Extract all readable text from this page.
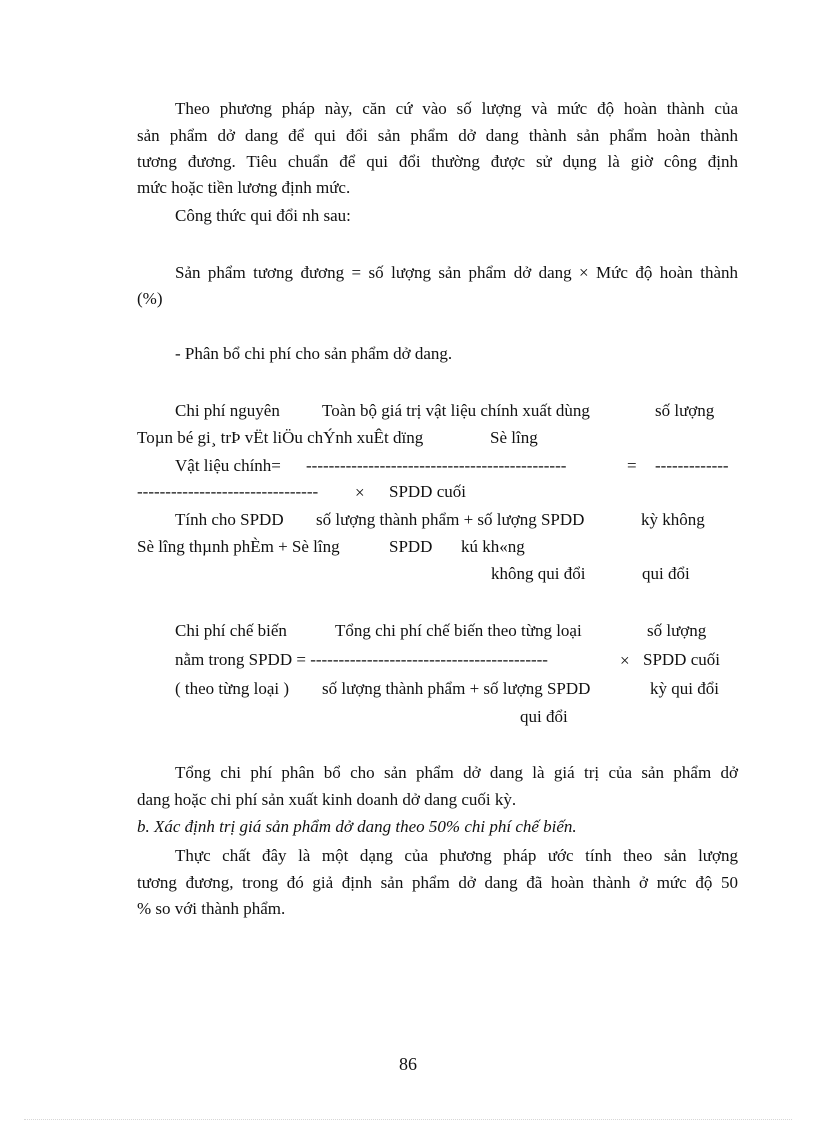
Theo phương pháp này, căn cứ vào số lượng và mức độ hoàn thành của
sản phẩm dở dang để qui đổi sản phẩm dở dang thành sản phẩm hoàn thành
tương đương. Tiêu chuẩn để qui đổi thường được sử dụng là giờ công định
mức hoặc tiền lương định mức.
Công thức qui đổi nh sau:
Sản phẩm tương đương = số lượng sản phẩm dở dang × Mức độ hoàn thành
(%)
- Phân bổ chi phí cho sản phẩm dở dang.
Chi phí nguyên Toàn bộ giá trị vật liệu chính xuất dùng	số lượng
Toµn bé gi¸ trÞ vËt liÖu chÝnh xuÊt dïng	Sè lîng
Vật liệu chính= ----------------------------------------------	= -------------
-------------------------------- × SPDD cuối
Tính cho SPDD số lượng thành phẩm + số lượng SPDD	kỳ không
Sè lîng thµnh phÈm + Sè lîng	SPDD kú kh«ng
không qui đổi	qui đổi
Chi phí chế biến	Tổng chi phí chế biến theo từng loại	số lượng
nằm trong SPDD = ------------------------------------------	× SPDD cuối
( theo từng loại ) số lượng thành phẩm + số lượng SPDD	kỳ qui đổi
qui đổi
Tổng chi phí phân bổ cho sản phẩm dở dang là giá trị của sản phẩm dở
dang hoặc chi phí sản xuất kinh doanh dở dang cuối kỳ.
b. Xác định trị giá sản phẩm dở dang theo 50% chi phí chế biến.
Thực chất đây là một dạng của phương pháp ước tính theo sản lượng
tương đương, trong đó giả định sản phẩm dở dang đã hoàn thành ở mức độ 50
% so với thành phẩm.
86
